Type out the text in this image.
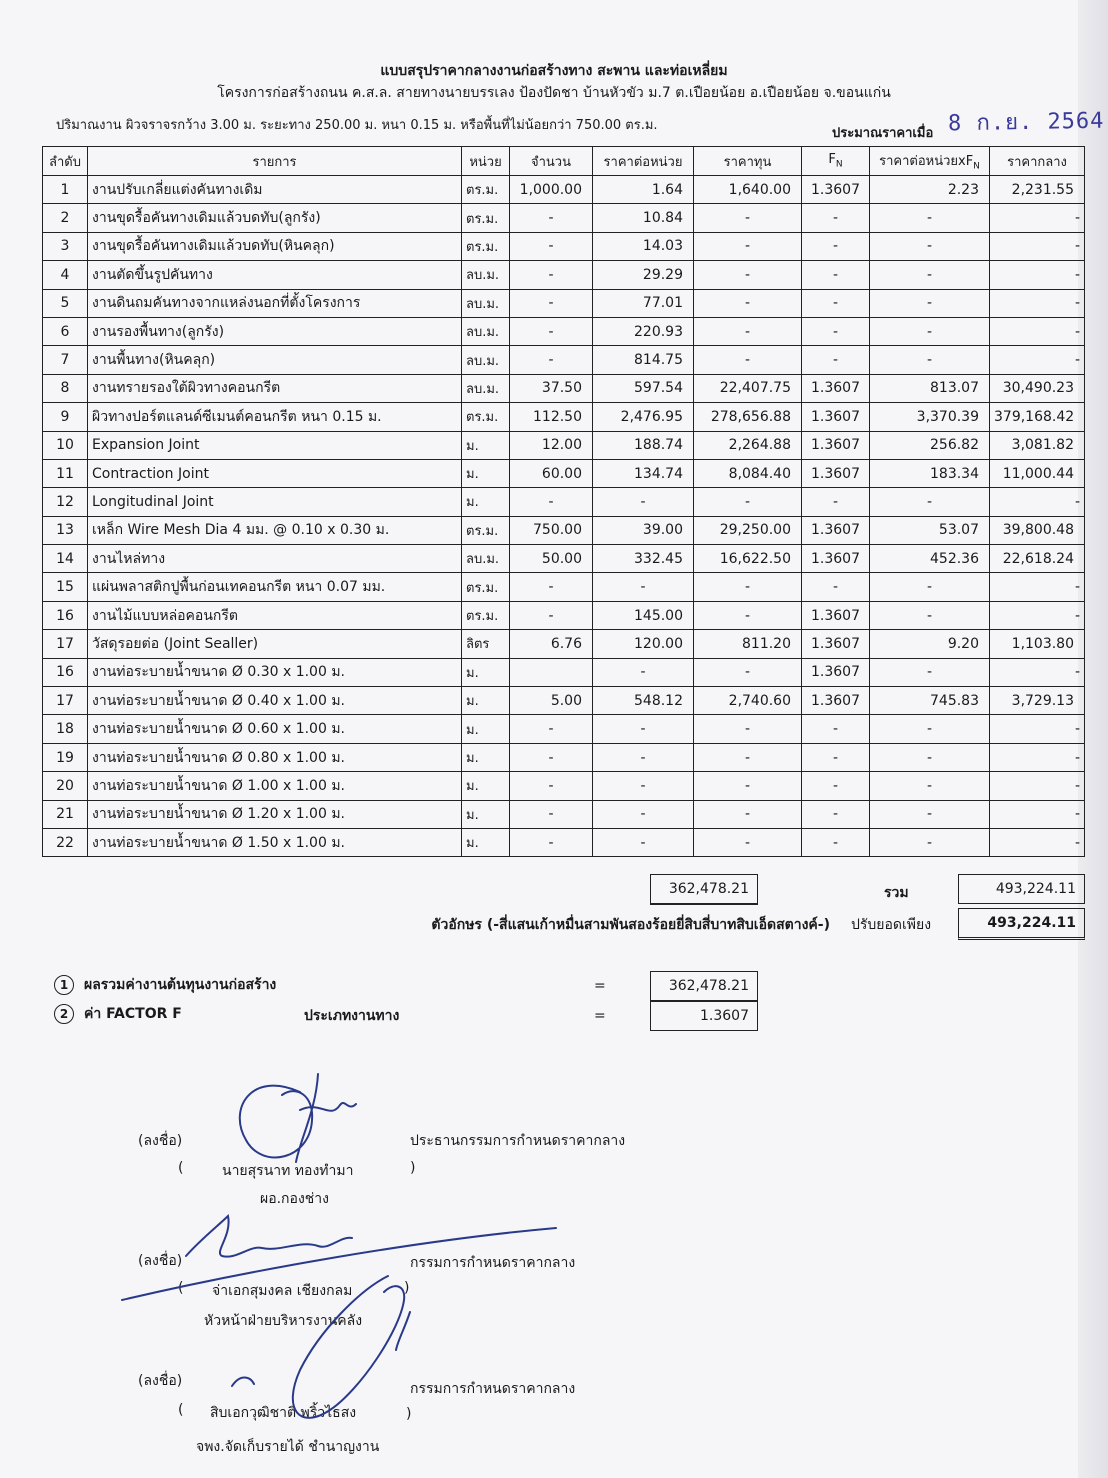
แบบสรุปราคากลางงานก่อสร้างทาง สะพาน และท่อเหลี่ยม
โครงการก่อสร้างถนน ค.ส.ล. สายทางนายบรรเลง ป้องปัดชา บ้านหัวขัว ม.7 ต.เปือยน้อย อ.เปือยน้อย จ.ขอนแก่น
ปริมาณงาน ผิวจราจรกว้าง 3.00 ม. ระยะทาง 250.00 ม. หนา 0.15 ม. หรือพื้นที่ไม่น้อยกว่า 750.00 ตร.ม.
ประมาณราคาเมื่อ 8 ก.ย. 2564
ลำดับ	รายการ	หน่วย	จำนวน	ราคาต่อหน่วย	ราคาทุน	$F_N$	ราคาต่อหน่วย$xF_N$	ราคากลาง
1	งานปรับเกลี่ยแต่งคันทางเดิม	ตร.ม.	1,000.00	1.64	1,640.00	1.3607	2.23	2,231.55
2	งานขุดรื้อคันทางเดิมแล้วบดทับ(ลูกรัง)	ตร.ม.	-	10.84	-	-	-	-
3	งานขุดรื้อคันทางเดิมแล้วบดทับ(หินคลุก)	ตร.ม.	-	14.03	-	-	-	-
4	งานตัดขึ้นรูปคันทาง	ลบ.ม.	-	29.29	-	-	-	-
5	งานดินถมคันทางจากแหล่งนอกที่ตั้งโครงการ	ลบ.ม.	-	77.01	-	-	-	-
6	งานรองพื้นทาง(ลูกรัง)	ลบ.ม.	-	220.93	-	-	-	-
7	งานพื้นทาง(หินคลุก)	ลบ.ม.	-	814.75	-	-	-	-
8	งานทรายรองใต้ผิวทางคอนกรีต	ลบ.ม.	37.50	597.54	22,407.75	1.3607	813.07	30,490.23
9	ผิวทางปอร์ตแลนด์ซีเมนต์คอนกรีต หนา 0.15 ม.	ตร.ม.	112.50	2,476.95	278,656.88	1.3607	3,370.39	379,168.42
10	Expansion Joint	ม.	12.00	188.74	2,264.88	1.3607	256.82	3,081.82
11	Contraction Joint	ม.	60.00	134.74	8,084.40	1.3607	183.34	11,000.44
12	Longitudinal Joint	ม.	-	-	-	-	-	-
13	เหล็ก Wire Mesh Dia 4 มม. @ 0.10 x 0.30 ม.	ตร.ม.	750.00	39.00	29,250.00	1.3607	53.07	39,800.48
14	งานไหล่ทาง	ลบ.ม.	50.00	332.45	16,622.50	1.3607	452.36	22,618.24
15	แผ่นพลาสติกปูพื้นก่อนเทคอนกรีต หนา 0.07 มม.	ตร.ม.	-	-	-	-	-	-
16	งานไม้แบบหล่อคอนกรีต	ตร.ม.	-	145.00	-	1.3607	-	-
17	วัสดุรอยต่อ (Joint Sealler)	ลิตร	6.76	120.00	811.20	1.3607	9.20	1,103.80
16	งานท่อระบายน้ำขนาด Ø 0.30 x 1.00 ม.	ม.		-	-	1.3607	-	-
17	งานท่อระบายน้ำขนาด Ø 0.40 x 1.00 ม.	ม.	5.00	548.12	2,740.60	1.3607	745.83	3,729.13
18	งานท่อระบายน้ำขนาด Ø 0.60 x 1.00 ม.	ม.	-	-	-	-	-	-
19	งานท่อระบายน้ำขนาด Ø 0.80 x 1.00 ม.	ม.	-	-	-	-	-	-
20	งานท่อระบายน้ำขนาด Ø 1.00 x 1.00 ม.	ม.	-	-	-	-	-	-
21	งานท่อระบายน้ำขนาด Ø 1.20 x 1.00 ม.	ม.	-	-	-	-	-	-
22	งานท่อระบายน้ำขนาด Ø 1.50 x 1.00 ม.	ม.	-	-	-	-	-	-
362,478.21	รวม	493,224.11
ตัวอักษร (-สี่แสนเก้าหมื่นสามพันสองร้อยยี่สิบสี่บาทสิบเอ็ดสตางค์-) ปรับยอดเพียง	493,224.11
1 ผลรวมค่างานต้นทุนงานก่อสร้าง	=	362,478.21
2 ค่า FACTOR F	ประเภทงานทาง	=	1.3607
(ลงชื่อ)	ประธานกรรมการกำหนดราคากลาง
(	นายสุรนาท ทองทำมา	)
ผอ.กองช่าง
(ลงชื่อ)	กรรมการกำหนดราคากลาง
( จ่าเอกสุมงคล เชียงกลม	)
หัวหน้าฝ่ายบริหารงานคลัง
(ลงชื่อ)	กรรมการกำหนดราคากลาง
( สิบเอกวุฒิชาติ พริ้วไธสง	)
จพง.จัดเก็บรายได้ ชำนาญงาน
